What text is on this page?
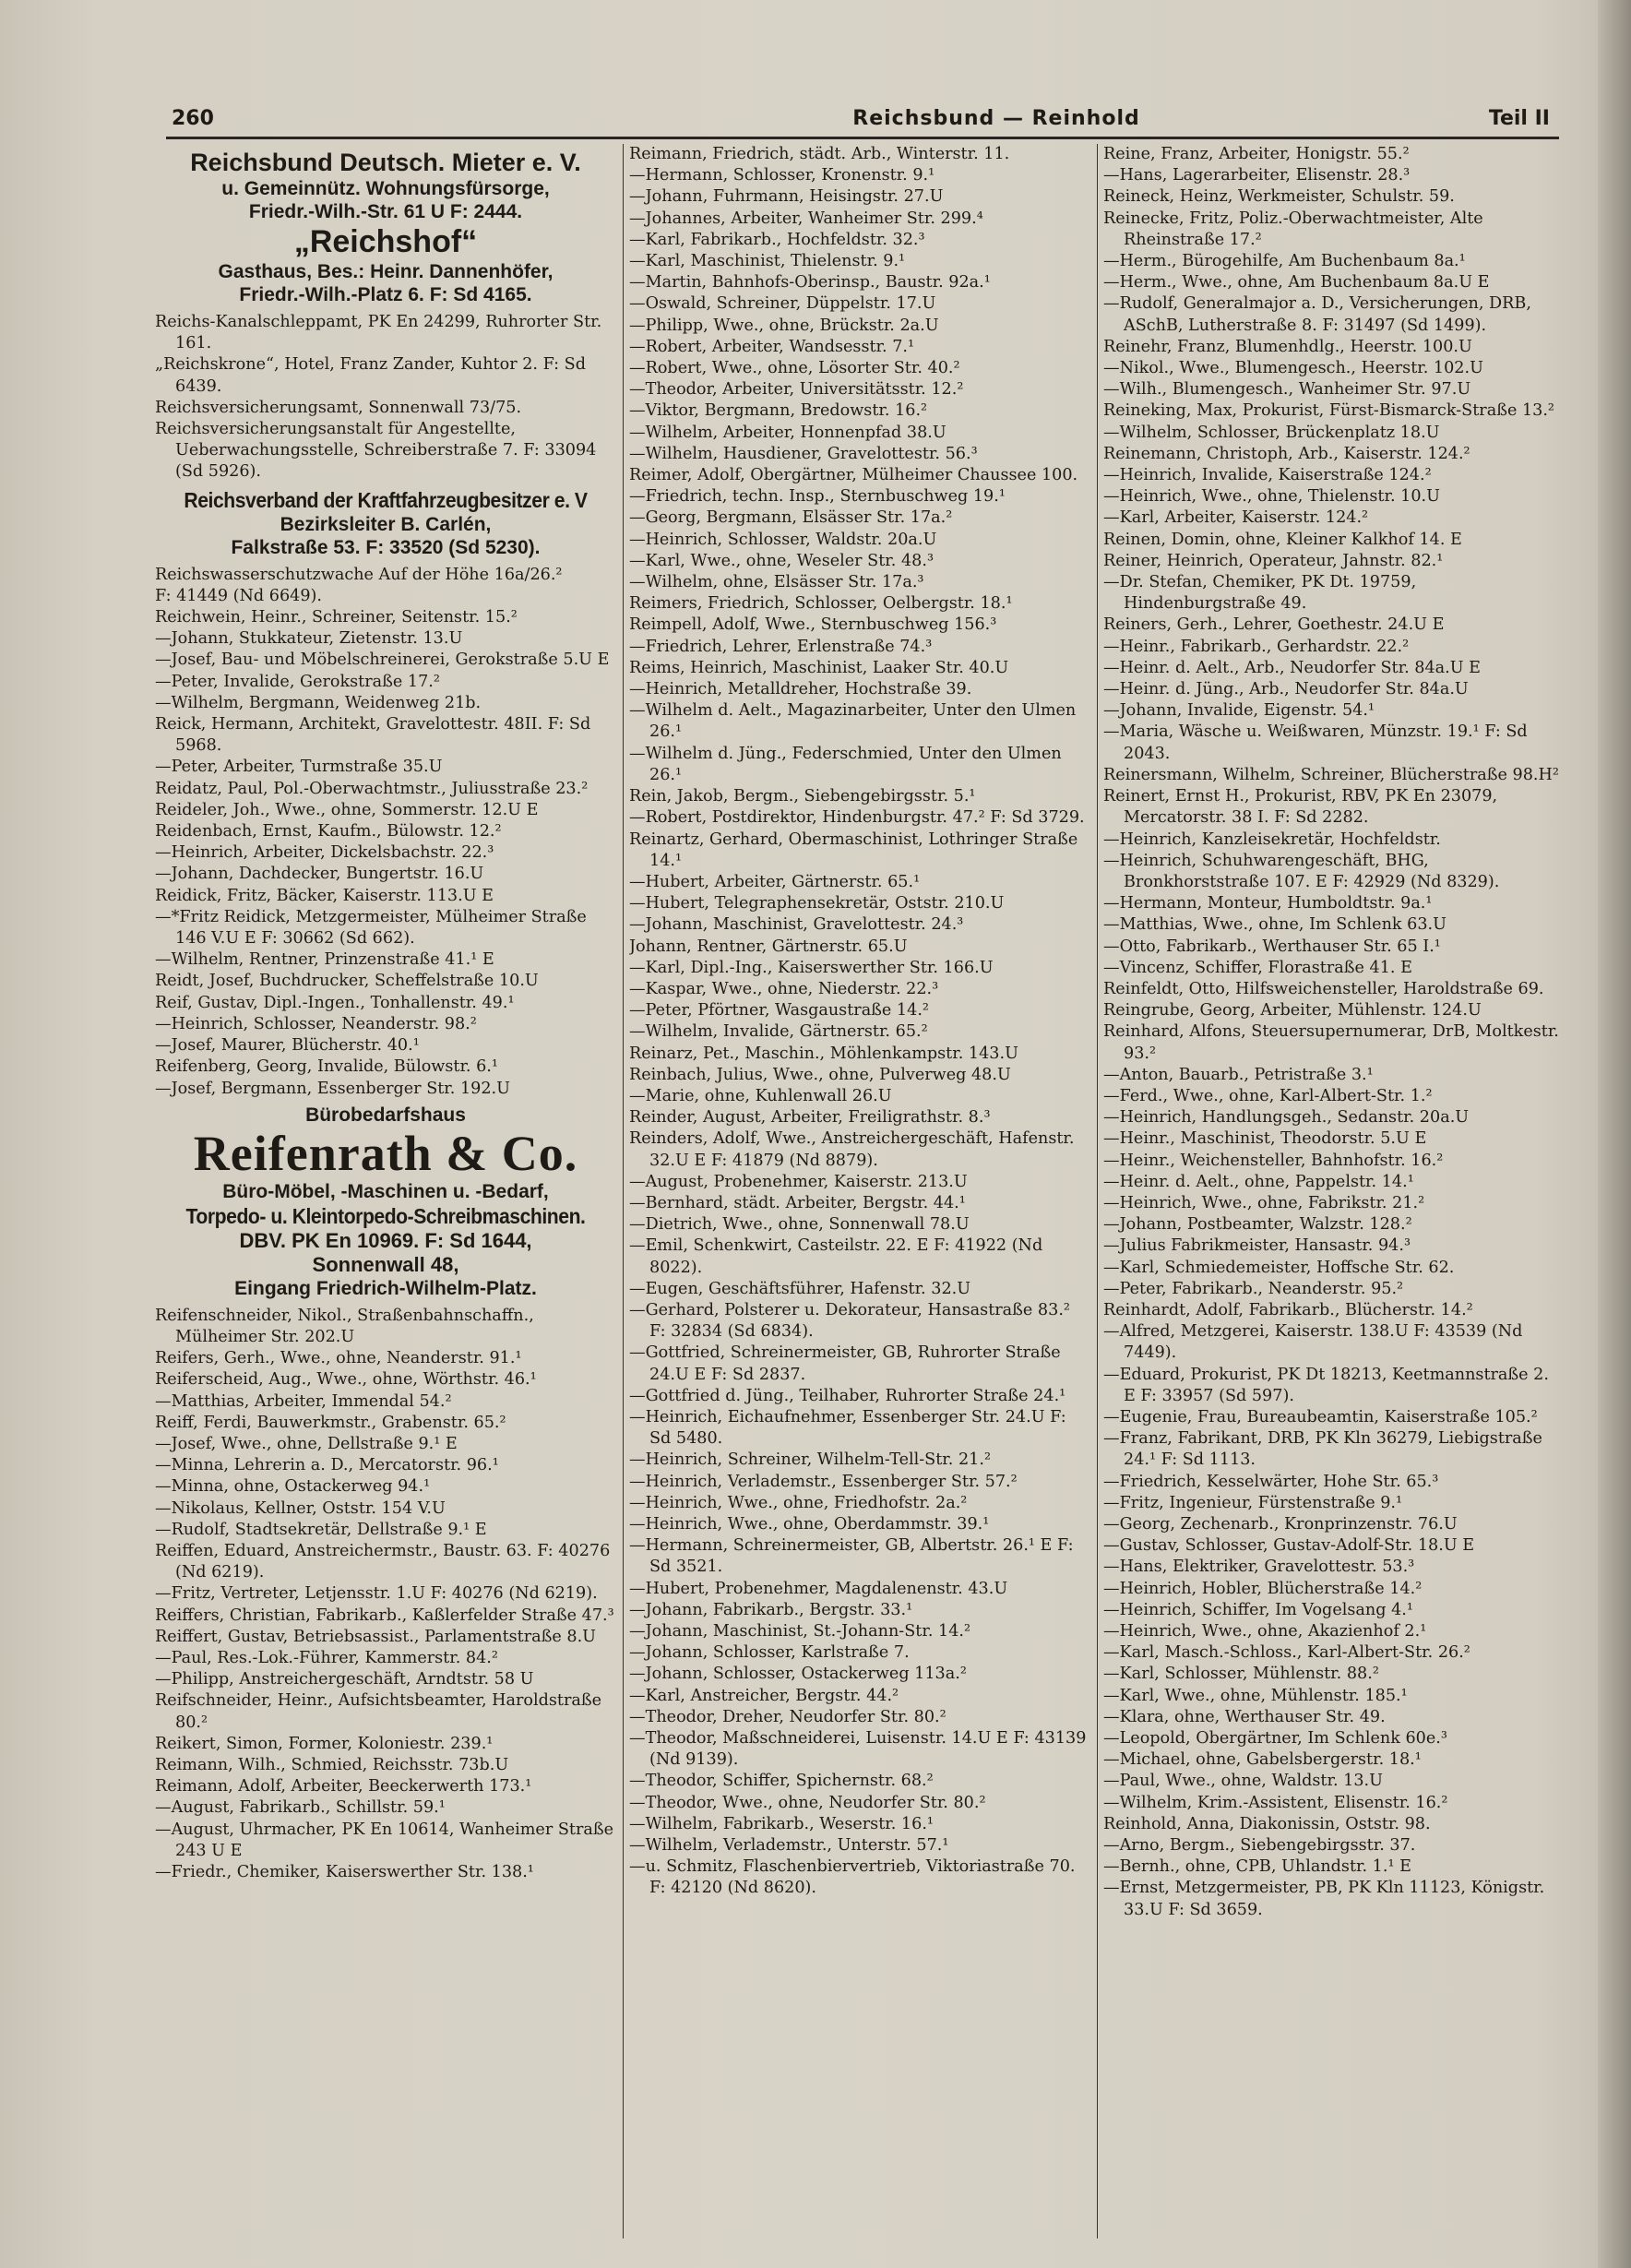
260	Reichsbund — Reinhold	Teil II
Reichsbund Deutsch. Mieter e. V.
u. Gemeinnütz. Wohnungsfürsorge,
Friedr.-Wilh.-Str. 61 U F: 2444.
„Reichshof“
Gasthaus, Bes.: Heinr. Dannenhöfer,
Friedr.-Wilh.-Platz 6. F: Sd 4165.
Reichs-Kanalschleppamt, PK En 24299, Ruhrorter Str. 161.
„Reichskrone“, Hotel, Franz Zander, Kuhtor 2. F: Sd 6439.
Reichsversicherungsamt, Sonnenwall 73/75.
Reichsversicherungsanstalt für Angestellte, Ueberwachungsstelle, Schreiberstraße 7. F: 33094 (Sd 5926).
Reichsverband der Kraftfahrzeugbesitzer e. V
Bezirksleiter B. Carlén,
Falkstraße 53. F: 33520 (Sd 5230).
Reichswasserschutzwache Auf der Höhe 16a/26.²
F: 41449 (Nd 6649).
Reichwein, Heinr., Schreiner, Seitenstr. 15.²
—Johann, Stukkateur, Zietenstr. 13.U
—Josef, Bau- und Möbelschreinerei, Gerokstraße 5.U E
—Peter, Invalide, Gerokstraße 17.²
—Wilhelm, Bergmann, Weidenweg 21b.
Reick, Hermann, Architekt, Gravelottestr. 48II. F: Sd 5968.
—Peter, Arbeiter, Turmstraße 35.U
Reidatz, Paul, Pol.-Oberwachtmstr., Juliusstraße 23.²
Reideler, Joh., Wwe., ohne, Sommerstr. 12.U E
Reidenbach, Ernst, Kaufm., Bülowstr. 12.²
—Heinrich, Arbeiter, Dickelsbachstr. 22.³
—Johann, Dachdecker, Bungertstr. 16.U
Reidick, Fritz, Bäcker, Kaiserstr. 113.U E
—*Fritz Reidick, Metzgermeister, Mülheimer Straße 146 V.U E F: 30662 (Sd 662).
—Wilhelm, Rentner, Prinzenstraße 41.¹ E
Reidt, Josef, Buchdrucker, Scheffelstraße 10.U
Reif, Gustav, Dipl.-Ingen., Tonhallenstr. 49.¹
—Heinrich, Schlosser, Neanderstr. 98.²
—Josef, Maurer, Blücherstr. 40.¹
Reifenberg, Georg, Invalide, Bülowstr. 6.¹
—Josef, Bergmann, Essenberger Str. 192.U
Bürobedarfshaus
Reifenrath & Co.
Büro-Möbel, -Maschinen u. -Bedarf,
Torpedo- u. Kleintorpedo-Schreibmaschinen.
DBV. PK En 10969. F: Sd 1644,
Sonnenwall 48,
Eingang Friedrich-Wilhelm-Platz.
Reifenschneider, Nikol., Straßenbahnschaffn., Mülheimer Str. 202.U
Reifers, Gerh., Wwe., ohne, Neanderstr. 91.¹
Reiferscheid, Aug., Wwe., ohne, Wörthstr. 46.¹
—Matthias, Arbeiter, Immendal 54.²
Reiff, Ferdi, Bauwerkmstr., Grabenstr. 65.²
—Josef, Wwe., ohne, Dellstraße 9.¹ E
—Minna, Lehrerin a. D., Mercatorstr. 96.¹
—Minna, ohne, Ostackerweg 94.¹
—Nikolaus, Kellner, Oststr. 154 V.U
—Rudolf, Stadtsekretär, Dellstraße 9.¹ E
Reiffen, Eduard, Anstreichermstr., Baustr. 63. F: 40276 (Nd 6219).
—Fritz, Vertreter, Letjensstr. 1.U F: 40276 (Nd 6219).
Reiffers, Christian, Fabrikarb., Kaßlerfelder Straße 47.³
Reiffert, Gustav, Betriebsassist., Parlamentstraße 8.U
—Paul, Res.-Lok.-Führer, Kammerstr. 84.²
—Philipp, Anstreichergeschäft, Arndtstr. 58 U
Reifschneider, Heinr., Aufsichtsbeamter, Haroldstraße 80.²
Reikert, Simon, Former, Koloniestr. 239.¹
Reimann, Wilh., Schmied, Reichsstr. 73b.U
Reimann, Adolf, Arbeiter, Beeckerwerth 173.¹
—August, Fabrikarb., Schillstr. 59.¹
—August, Uhrmacher, PK En 10614, Wanheimer Straße 243 U E
—Friedr., Chemiker, Kaiserswerther Str. 138.¹
Reimann, Friedrich, städt. Arb., Winterstr. 11.
—Hermann, Schlosser, Kronenstr. 9.¹
—Johann, Fuhrmann, Heisingstr. 27.U
—Johannes, Arbeiter, Wanheimer Str. 299.⁴
—Karl, Fabrikarb., Hochfeldstr. 32.³
—Karl, Maschinist, Thielenstr. 9.¹
—Martin, Bahnhofs-Oberinsp., Baustr. 92a.¹
—Oswald, Schreiner, Düppelstr. 17.U
—Philipp, Wwe., ohne, Brückstr. 2a.U
—Robert, Arbeiter, Wandsesstr. 7.¹
—Robert, Wwe., ohne, Lösorter Str. 40.²
—Theodor, Arbeiter, Universitätsstr. 12.²
—Viktor, Bergmann, Bredowstr. 16.²
—Wilhelm, Arbeiter, Honnenpfad 38.U
—Wilhelm, Hausdiener, Gravelottestr. 56.³
Reimer, Adolf, Obergärtner, Mülheimer Chaussee 100.
—Friedrich, techn. Insp., Sternbuschweg 19.¹
—Georg, Bergmann, Elsässer Str. 17a.²
—Heinrich, Schlosser, Waldstr. 20a.U
—Karl, Wwe., ohne, Weseler Str. 48.³
—Wilhelm, ohne, Elsässer Str. 17a.³
Reimers, Friedrich, Schlosser, Oelbergstr. 18.¹
Reimpell, Adolf, Wwe., Sternbuschweg 156.³
—Friedrich, Lehrer, Erlenstraße 74.³
Reims, Heinrich, Maschinist, Laaker Str. 40.U
—Heinrich, Metalldreher, Hochstraße 39.
—Wilhelm d. Aelt., Magazinarbeiter, Unter den Ulmen 26.¹
—Wilhelm d. Jüng., Federschmied, Unter den Ulmen 26.¹
Rein, Jakob, Bergm., Siebengebirgsstr. 5.¹
—Robert, Postdirektor, Hindenburgstr. 47.² F: Sd 3729.
Reinartz, Gerhard, Obermaschinist, Lothringer Straße 14.¹
—Hubert, Arbeiter, Gärtnerstr. 65.¹
—Hubert, Telegraphensekretär, Oststr. 210.U
—Johann, Maschinist, Gravelottestr. 24.³
Johann, Rentner, Gärtnerstr. 65.U
—Karl, Dipl.-Ing., Kaiserswerther Str. 166.U
—Kaspar, Wwe., ohne, Niederstr. 22.³
—Peter, Pförtner, Wasgaustraße 14.²
—Wilhelm, Invalide, Gärtnerstr. 65.²
Reinarz, Pet., Maschin., Möhlenkampstr. 143.U
Reinbach, Julius, Wwe., ohne, Pulverweg 48.U
—Marie, ohne, Kuhlenwall 26.U
Reinder, August, Arbeiter, Freiligrathstr. 8.³
Reinders, Adolf, Wwe., Anstreichergeschäft, Hafenstr. 32.U E F: 41879 (Nd 8879).
—August, Probenehmer, Kaiserstr. 213.U
—Bernhard, städt. Arbeiter, Bergstr. 44.¹
—Dietrich, Wwe., ohne, Sonnenwall 78.U
—Emil, Schenkwirt, Casteilstr. 22. E F: 41922 (Nd 8022).
—Eugen, Geschäftsführer, Hafenstr. 32.U
—Gerhard, Polsterer u. Dekorateur, Hansastraße 83.² F: 32834 (Sd 6834).
—Gottfried, Schreinermeister, GB, Ruhrorter Straße 24.U E F: Sd 2837.
—Gottfried d. Jüng., Teilhaber, Ruhrorter Straße 24.¹
—Heinrich, Eichaufnehmer, Essenberger Str. 24.U F: Sd 5480.
—Heinrich, Schreiner, Wilhelm-Tell-Str. 21.²
—Heinrich, Verlademstr., Essenberger Str. 57.²
—Heinrich, Wwe., ohne, Friedhofstr. 2a.²
—Heinrich, Wwe., ohne, Oberdammstr. 39.¹
—Hermann, Schreinermeister, GB, Albertstr. 26.¹ E F: Sd 3521.
—Hubert, Probenehmer, Magdalenenstr. 43.U
—Johann, Fabrikarb., Bergstr. 33.¹
—Johann, Maschinist, St.-Johann-Str. 14.²
—Johann, Schlosser, Karlstraße 7.
—Johann, Schlosser, Ostackerweg 113a.²
—Karl, Anstreicher, Bergstr. 44.²
—Theodor, Dreher, Neudorfer Str. 80.²
—Theodor, Maßschneiderei, Luisenstr. 14.U E F: 43139 (Nd 9139).
—Theodor, Schiffer, Spichernstr. 68.²
—Theodor, Wwe., ohne, Neudorfer Str. 80.²
—Wilhelm, Fabrikarb., Weserstr. 16.¹
—Wilhelm, Verlademstr., Unterstr. 57.¹
—u. Schmitz, Flaschenbiervertrieb, Viktoriastraße 70. F: 42120 (Nd 8620).
Reine, Franz, Arbeiter, Honigstr. 55.²
—Hans, Lagerarbeiter, Elisenstr. 28.³
Reineck, Heinz, Werkmeister, Schulstr. 59.
Reinecke, Fritz, Poliz.-Oberwachtmeister, Alte Rheinstraße 17.²
—Herm., Bürogehilfe, Am Buchenbaum 8a.¹
—Herm., Wwe., ohne, Am Buchenbaum 8a.U E
—Rudolf, Generalmajor a. D., Versicherungen, DRB, ASchB, Lutherstraße 8. F: 31497 (Sd 1499).
Reinehr, Franz, Blumenhdlg., Heerstr. 100.U
—Nikol., Wwe., Blumengesch., Heerstr. 102.U
—Wilh., Blumengesch., Wanheimer Str. 97.U
Reineking, Max, Prokurist, Fürst-Bismarck-Straße 13.²
—Wilhelm, Schlosser, Brückenplatz 18.U
Reinemann, Christoph, Arb., Kaiserstr. 124.²
—Heinrich, Invalide, Kaiserstraße 124.²
—Heinrich, Wwe., ohne, Thielenstr. 10.U
—Karl, Arbeiter, Kaiserstr. 124.²
Reinen, Domin, ohne, Kleiner Kalkhof 14. E
Reiner, Heinrich, Operateur, Jahnstr. 82.¹
—Dr. Stefan, Chemiker, PK Dt. 19759, Hindenburgstraße 49.
Reiners, Gerh., Lehrer, Goethestr. 24.U E
—Heinr., Fabrikarb., Gerhardstr. 22.²
—Heinr. d. Aelt., Arb., Neudorfer Str. 84a.U E
—Heinr. d. Jüng., Arb., Neudorfer Str. 84a.U
—Johann, Invalide, Eigenstr. 54.¹
—Maria, Wäsche u. Weißwaren, Münzstr. 19.¹ F: Sd 2043.
Reinersmann, Wilhelm, Schreiner, Blücherstraße 98.H²
Reinert, Ernst H., Prokurist, RBV, PK En 23079, Mercatorstr. 38 I. F: Sd 2282.
—Heinrich, Kanzleisekretär, Hochfeldstr.
—Heinrich, Schuhwarengeschäft, BHG, Bronkhorststraße 107. E F: 42929 (Nd 8329).
—Hermann, Monteur, Humboldtstr. 9a.¹
—Matthias, Wwe., ohne, Im Schlenk 63.U
—Otto, Fabrikarb., Werthauser Str. 65 I.¹
—Vincenz, Schiffer, Florastraße 41. E
Reinfeldt, Otto, Hilfsweichensteller, Haroldstraße 69.
Reingrube, Georg, Arbeiter, Mühlenstr. 124.U
Reinhard, Alfons, Steuersupernumerar, DrB, Moltkestr. 93.²
—Anton, Bauarb., Petristraße 3.¹
—Ferd., Wwe., ohne, Karl-Albert-Str. 1.²
—Heinrich, Handlungsgeh., Sedanstr. 20a.U
—Heinr., Maschinist, Theodorstr. 5.U E
—Heinr., Weichensteller, Bahnhofstr. 16.²
—Heinr. d. Aelt., ohne, Pappelstr. 14.¹
—Heinrich, Wwe., ohne, Fabrikstr. 21.²
—Johann, Postbeamter, Walzstr. 128.²
—Julius Fabrikmeister, Hansastr. 94.³
—Karl, Schmiedemeister, Hoffsche Str. 62.
—Peter, Fabrikarb., Neanderstr. 95.²
Reinhardt, Adolf, Fabrikarb., Blücherstr. 14.²
—Alfred, Metzgerei, Kaiserstr. 138.U F: 43539 (Nd 7449).
—Eduard, Prokurist, PK Dt 18213, Keetmannstraße 2. E F: 33957 (Sd 597).
—Eugenie, Frau, Bureaubeamtin, Kaiserstraße 105.²
—Franz, Fabrikant, DRB, PK Kln 36279, Liebigstraße 24.¹ F: Sd 1113.
—Friedrich, Kesselwärter, Hohe Str. 65.³
—Fritz, Ingenieur, Fürstenstraße 9.¹
—Georg, Zechenarb., Kronprinzenstr. 76.U
—Gustav, Schlosser, Gustav-Adolf-Str. 18.U E
—Hans, Elektriker, Gravelottestr. 53.³
—Heinrich, Hobler, Blücherstraße 14.²
—Heinrich, Schiffer, Im Vogelsang 4.¹
—Heinrich, Wwe., ohne, Akazienhof 2.¹
—Karl, Masch.-Schloss., Karl-Albert-Str. 26.²
—Karl, Schlosser, Mühlenstr. 88.²
—Karl, Wwe., ohne, Mühlenstr. 185.¹
—Klara, ohne, Werthauser Str. 49.
—Leopold, Obergärtner, Im Schlenk 60e.³
—Michael, ohne, Gabelsbergerstr. 18.¹
—Paul, Wwe., ohne, Waldstr. 13.U
—Wilhelm, Krim.-Assistent, Elisenstr. 16.²
Reinhold, Anna, Diakonissin, Oststr. 98.
—Arno, Bergm., Siebengebirgsstr. 37.
—Bernh., ohne, CPB, Uhlandstr. 1.¹ E
—Ernst, Metzgermeister, PB, PK Kln 11123, Königstr. 33.U F: Sd 3659.
